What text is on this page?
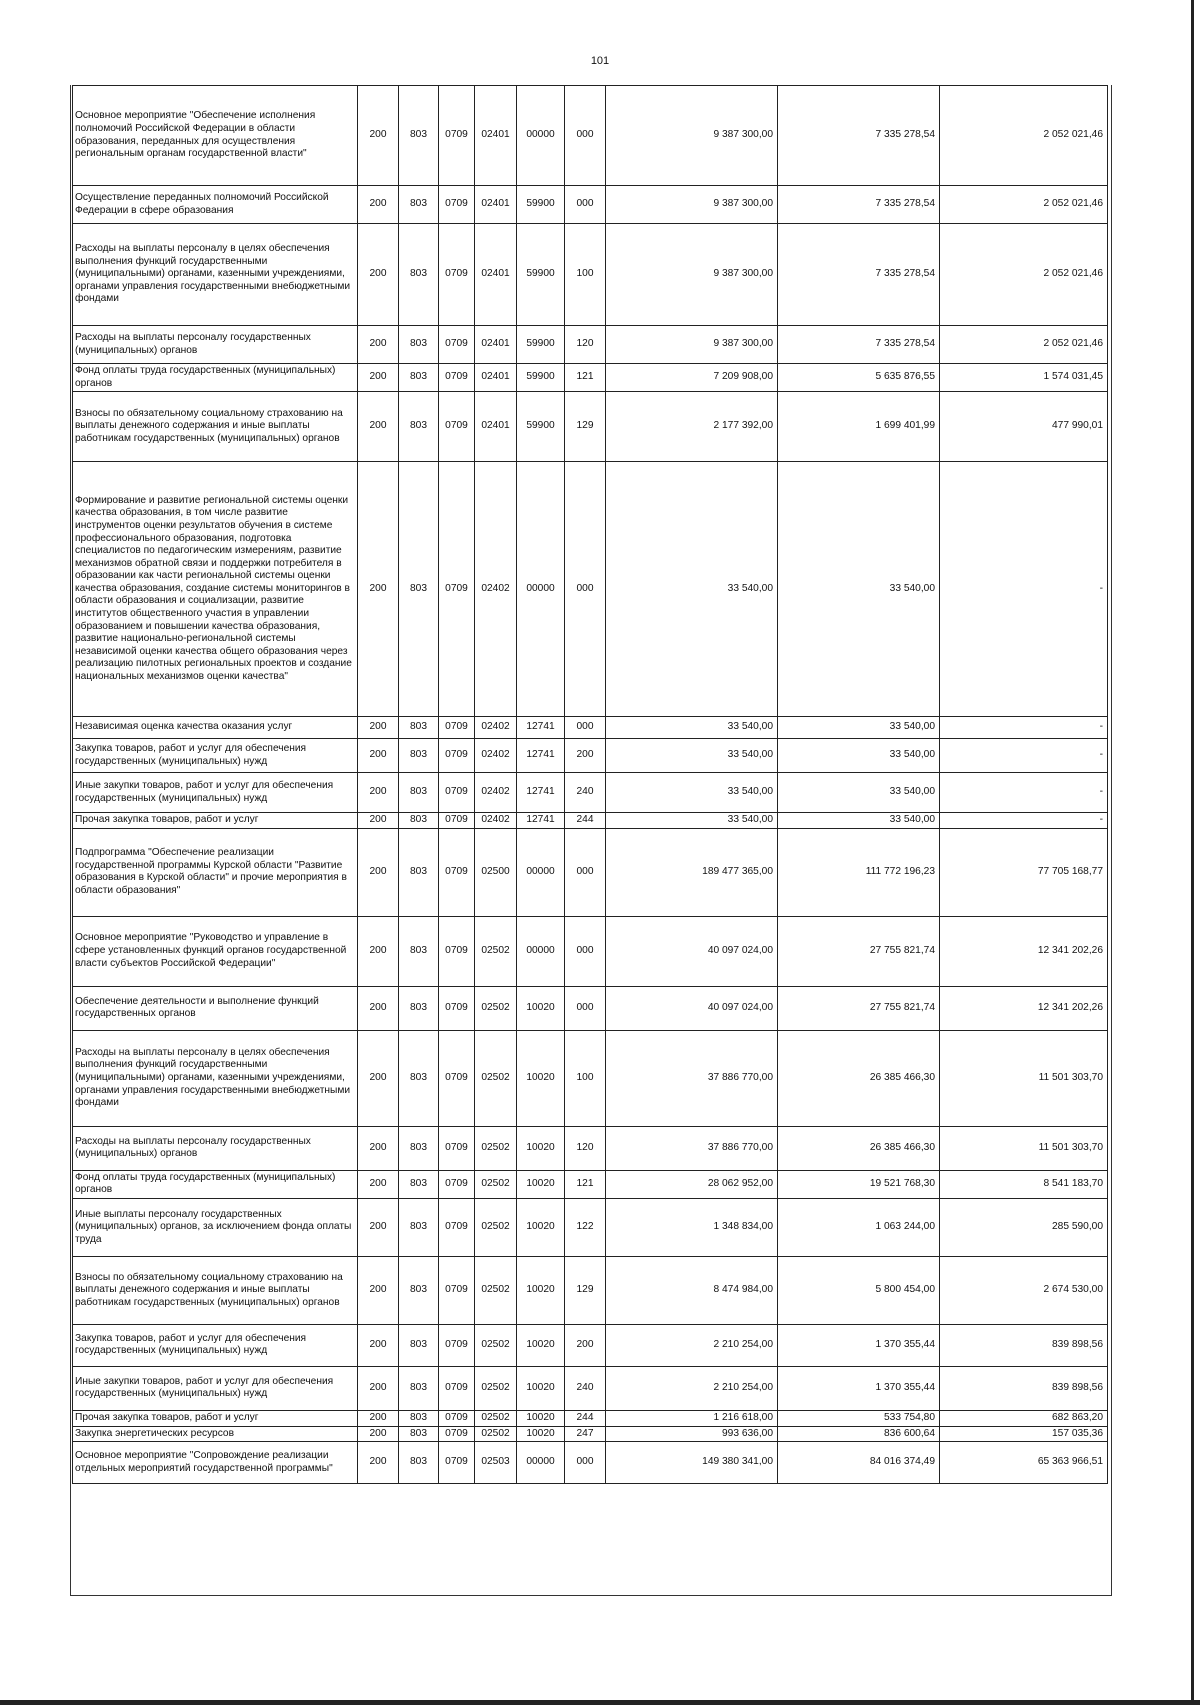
101
Основное мероприятие "Обеспечение исполнения полномочий Российской Федерации в области образования, переданных для осуществления региональным органам государственной власти"	200	803	0709	02401	00000	000	9 387 300,00	7 335 278,54	2 052 021,46
Осуществление переданных полномочий Российской Федерации в сфере образования	200	803	0709	02401	59900	000	9 387 300,00	7 335 278,54	2 052 021,46
Расходы на выплаты персоналу в целях обеспечения выполнения функций государственными (муниципальными) органами, казенными учреждениями, органами управления государственными внебюджетными фондами	200	803	0709	02401	59900	100	9 387 300,00	7 335 278,54	2 052 021,46
Расходы на выплаты персоналу государственных (муниципальных) органов	200	803	0709	02401	59900	120	9 387 300,00	7 335 278,54	2 052 021,46
Фонд оплаты труда государственных (муниципальных) органов	200	803	0709	02401	59900	121	7 209 908,00	5 635 876,55	1 574 031,45
Взносы по обязательному социальному страхованию на выплаты денежного содержания и иные выплаты работникам государственных (муниципальных) органов	200	803	0709	02401	59900	129	2 177 392,00	1 699 401,99	477 990,01
Формирование и развитие региональной системы оценки качества образования, в том числе развитие инструментов оценки результатов обучения в системе профессионального образования, подготовка специалистов по педагогическим измерениям, развитие механизмов обратной связи и поддержки потребителя в образовании как части региональной системы оценки качества образования, создание системы мониторингов в области образования и социализации, развитие институтов общественного участия в управлении образованием и повышении качества образования, развитие национально-региональной системы независимой оценки качества общего образования через реализацию пилотных региональных проектов и создание национальных механизмов оценки качества"	200	803	0709	02402	00000	000	33 540,00	33 540,00	-
Независимая оценка качества оказания услуг	200	803	0709	02402	12741	000	33 540,00	33 540,00	-
Закупка товаров, работ и услуг для обеспечения государственных (муниципальных) нужд	200	803	0709	02402	12741	200	33 540,00	33 540,00	-
Иные закупки товаров, работ и услуг для обеспечения государственных (муниципальных) нужд	200	803	0709	02402	12741	240	33 540,00	33 540,00	-
Прочая закупка товаров, работ и услуг	200	803	0709	02402	12741	244	33 540,00	33 540,00	-
Подпрограмма "Обеспечение реализации государственной программы Курской области "Развитие образования в Курской области" и прочие мероприятия в области образования"	200	803	0709	02500	00000	000	189 477 365,00	111 772 196,23	77 705 168,77
Основное мероприятие "Руководство и управление в сфере установленных функций органов государственной власти субъектов Российской Федерации"	200	803	0709	02502	00000	000	40 097 024,00	27 755 821,74	12 341 202,26
Обеспечение деятельности и выполнение функций государственных органов	200	803	0709	02502	10020	000	40 097 024,00	27 755 821,74	12 341 202,26
Расходы на выплаты персоналу в целях обеспечения выполнения функций государственными (муниципальными) органами, казенными учреждениями, органами управления государственными внебюджетными фондами	200	803	0709	02502	10020	100	37 886 770,00	26 385 466,30	11 501 303,70
Расходы на выплаты персоналу государственных (муниципальных) органов	200	803	0709	02502	10020	120	37 886 770,00	26 385 466,30	11 501 303,70
Фонд оплаты труда государственных (муниципальных) органов	200	803	0709	02502	10020	121	28 062 952,00	19 521 768,30	8 541 183,70
Иные выплаты персоналу государственных (муниципальных) органов, за исключением фонда оплаты труда	200	803	0709	02502	10020	122	1 348 834,00	1 063 244,00	285 590,00
Взносы по обязательному социальному страхованию на выплаты денежного содержания и иные выплаты работникам государственных (муниципальных) органов	200	803	0709	02502	10020	129	8 474 984,00	5 800 454,00	2 674 530,00
Закупка товаров, работ и услуг для обеспечения государственных (муниципальных) нужд	200	803	0709	02502	10020	200	2 210 254,00	1 370 355,44	839 898,56
Иные закупки товаров, работ и услуг для обеспечения государственных (муниципальных) нужд	200	803	0709	02502	10020	240	2 210 254,00	1 370 355,44	839 898,56
Прочая закупка товаров, работ и услуг	200	803	0709	02502	10020	244	1 216 618,00	533 754,80	682 863,20
Закупка энергетических ресурсов	200	803	0709	02502	10020	247	993 636,00	836 600,64	157 035,36
Основное мероприятие "Сопровождение реализации отдельных мероприятий государственной программы"	200	803	0709	02503	00000	000	149 380 341,00	84 016 374,49	65 363 966,51
